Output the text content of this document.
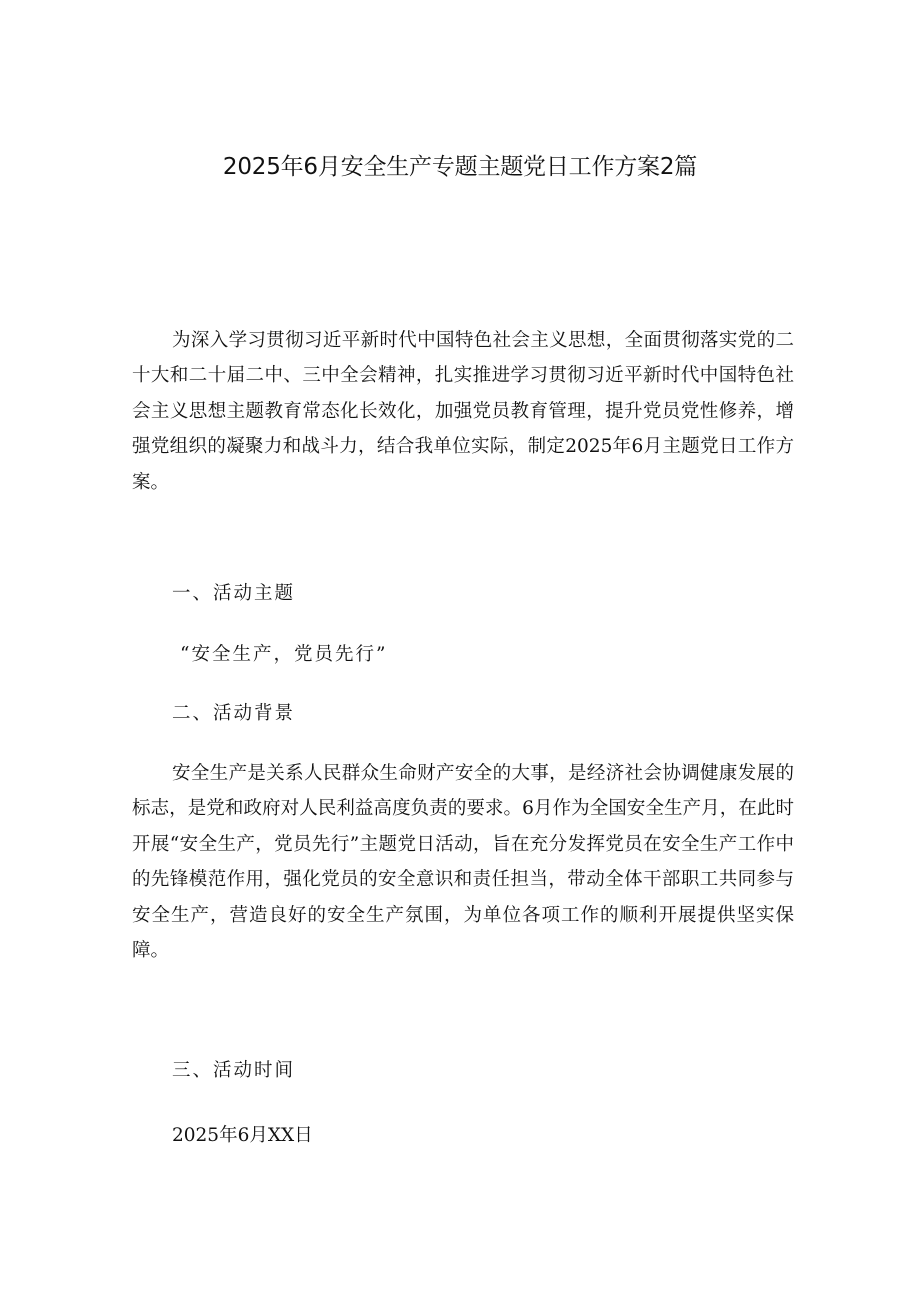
2025年6月安全生产专题主题党日工作方案2篇

为深入学习贯彻习近平新时代中国特色社会主义思想，全面贯彻落实党的二十大和二十届二中、三中全会精神，扎实推进学习贯彻习近平新时代中国特色社会主义思想主题教育常态化长效化，加强党员教育管理，提升党员党性修养，增强党组织的凝聚力和战斗力，结合我单位实际，制定2025年6月主题党日工作方案。

一、活动主题

“安全生产，党员先行”

二、活动背景

安全生产是关系人民群众生命财产安全的大事，是经济社会协调健康发展的标志，是党和政府对人民利益高度负责的要求。6月作为全国安全生产月，在此时开展“安全生产，党员先行”主题党日活动，旨在充分发挥党员在安全生产工作中的先锋模范作用，强化党员的安全意识和责任担当，带动全体干部职工共同参与安全生产，营造良好的安全生产氛围，为单位各项工作的顺利开展提供坚实保障。

三、活动时间

2025年6月XX日
